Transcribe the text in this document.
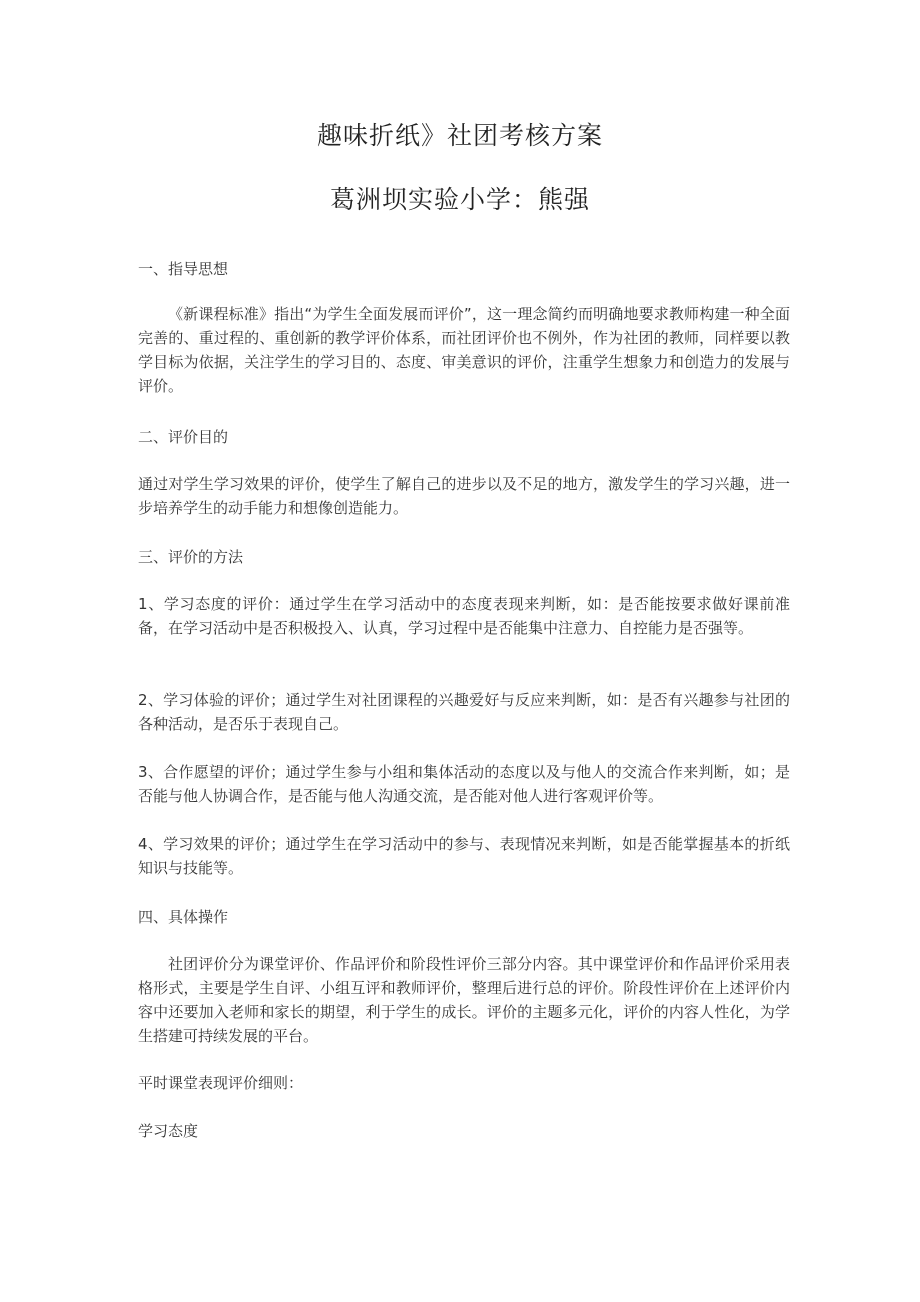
趣味折纸》社团考核方案
葛洲坝实验小学：熊强
一、指导思想
《新课程标准》指出“为学生全面发展而评价”，这一理念简约而明确地要求教师构建一种全面完善的、重过程的、重创新的教学评价体系，而社团评价也不例外，作为社团的教师，同样要以教学目标为依据，关注学生的学习目的、态度、审美意识的评价，注重学生想象力和创造力的发展与评价。
二、评价目的
通过对学生学习效果的评价，使学生了解自己的进步以及不足的地方，激发学生的学习兴趣，进一步培养学生的动手能力和想像创造能力。
三、评价的方法
1、学习态度的评价：通过学生在学习活动中的态度表现来判断，如：是否能按要求做好课前准备，在学习活动中是否积极投入、认真，学习过程中是否能集中注意力、自控能力是否强等。
2、学习体验的评价；通过学生对社团课程的兴趣爱好与反应来判断，如：是否有兴趣参与社团的各种活动，是否乐于表现自己。
3、合作愿望的评价；通过学生参与小组和集体活动的态度以及与他人的交流合作来判断，如；是否能与他人协调合作，是否能与他人沟通交流，是否能对他人进行客观评价等。
4、学习效果的评价；通过学生在学习活动中的参与、表现情况来判断，如是否能掌握基本的折纸知识与技能等。
四、具体操作
社团评价分为课堂评价、作品评价和阶段性评价三部分内容。其中课堂评价和作品评价采用表格形式，主要是学生自评、小组互评和教师评价，整理后进行总的评价。阶段性评价在上述评价内容中还要加入老师和家长的期望，利于学生的成长。评价的主题多元化，评价的内容人性化，为学生搭建可持续发展的平台。
平时课堂表现评价细则：
学习态度
